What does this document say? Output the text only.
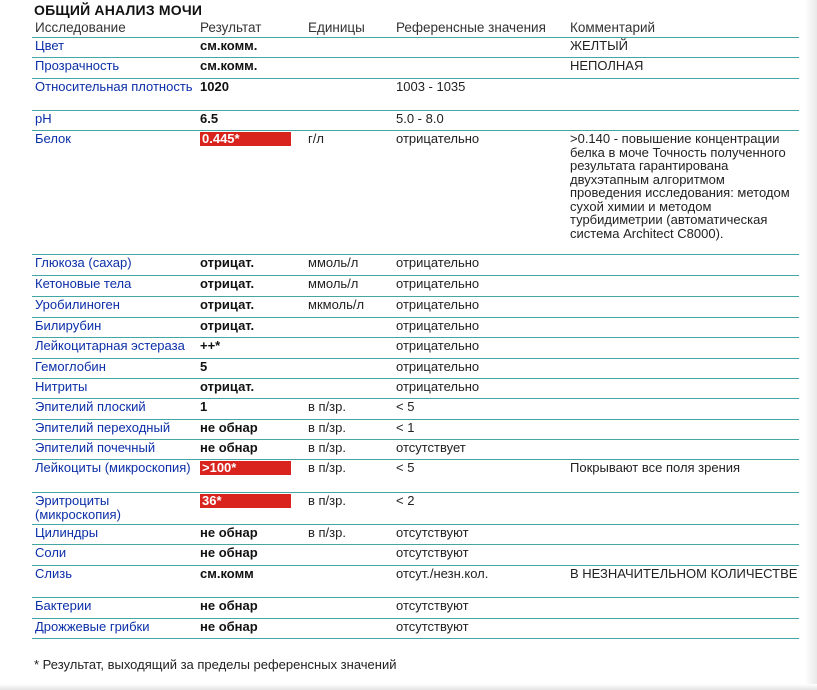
ОБЩИЙ АНАЛИЗ МОЧИ
Исследование	Результат	Единицы	Референсные значения	Комментарий
Цвет	см.комм.			ЖЕЛТЫЙ
Прозрачность	см.комм.			НЕПОЛНАЯ
Относительная плотность	1020		1003 - 1035	
pH	6.5		5.0 - 8.0	
Белок	0.445*	г/л	отрицательно	>0.140 - повышение концентрации белка в моче Точность полученного результата гарантирована двухэтапным алгоритмом проведения исследования: методом сухой химии и методом турбидиметрии (автоматическая система Architect C8000).
Глюкоза (сахар)	отрицат.	ммоль/л	отрицательно	
Кетоновые тела	отрицат.	ммоль/л	отрицательно	
Уробилиноген	отрицат.	мкмоль/л	отрицательно	
Билирубин	отрицат.		отрицательно	
Лейкоцитарная эстераза	++*		отрицательно	
Гемоглобин	5		отрицательно	
Нитриты	отрицат.		отрицательно	
Эпителий плоский	1	в п/зр.	< 5	
Эпителий переходный	не обнар	в п/зр.	< 1	
Эпителий почечный	не обнар	в п/зр.	отсутствует	
Лейкоциты (микроскопия)	>100*	в п/зр.	< 5	Покрывают все поля зрения
Эритроциты (микроскопия)	36*	в п/зр.	< 2	
Цилиндры	не обнар	в п/зр.	отсутствуют	
Соли	не обнар		отсутствуют	
Слизь	см.комм		отсут./незн.кол.	В НЕЗНАЧИТЕЛЬНОМ КОЛИЧЕСТВЕ
Бактерии	не обнар		отсутствуют	
Дрожжевые грибки	не обнар		отсутствуют	
* Результат, выходящий за пределы референсных значений
